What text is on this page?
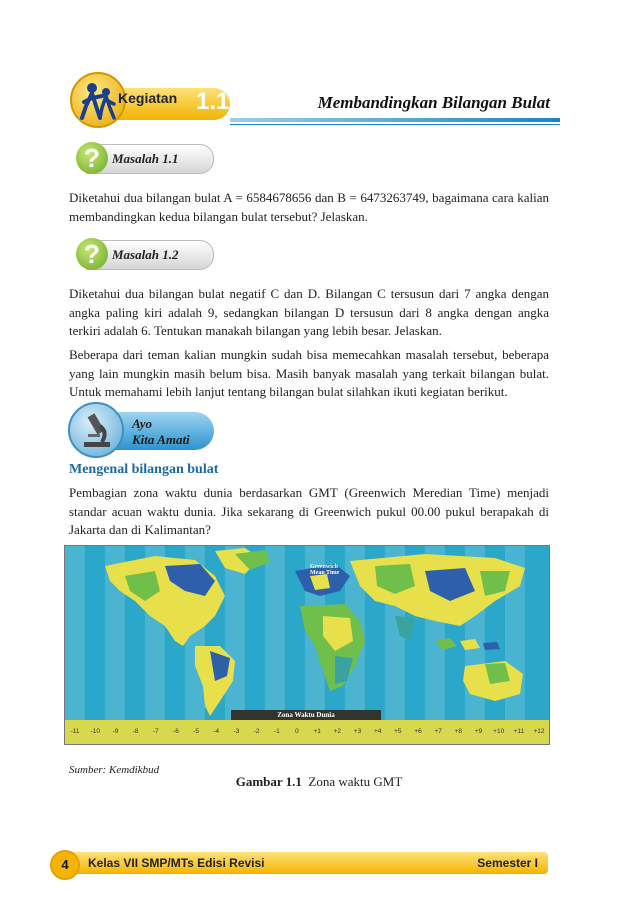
Kegiatan 1.1	Membandingkan Bilangan Bulat
? Masalah 1.1
Diketahui dua bilangan bulat A = 6584678656 dan B = 6473263749, bagaimana cara kalian membandingkan kedua bilangan bulat tersebut? Jelaskan.
? Masalah 1.2
Diketahui dua bilangan bulat negatif C dan D. Bilangan C tersusun dari 7 angka dengan angka paling kiri adalah 9, sedangkan bilangan D tersusun dari 8 angka dengan angka terkiri adalah 6. Tentukan manakah bilangan yang lebih besar. Jelaskan.
Beberapa dari teman kalian mungkin sudah bisa memecahkan masalah tersebut, beberapa yang lain mungkin masih belum bisa. Masih banyak masalah yang terkait bilangan bulat. Untuk memahami lebih lanjut tentang bilangan bulat silahkan ikuti kegiatan berikut.
Ayo
Kita Amati
Mengenal bilangan bulat
Pembagian zona waktu dunia berdasarkan GMT (Greenwich Meredian Time) menjadi standar acuan waktu dunia. Jika sekarang di Greenwich pukul 00.00 pukul berapakah di Jakarta dan di Kalimantan?
Greenwich Mean Time
Zona Waktu Dunia
-11	-10	-9	-8	-7	-6	-5	-4	-3	-2	-1	0	+1	+2	+3	+4	+5	+6	+7	+8	+9	+10	+11	+12
Sumber: Kemdikbud
Gambar 1.1 Zona waktu GMT
4	Kelas VII SMP/MTs Edisi Revisi	Semester I
